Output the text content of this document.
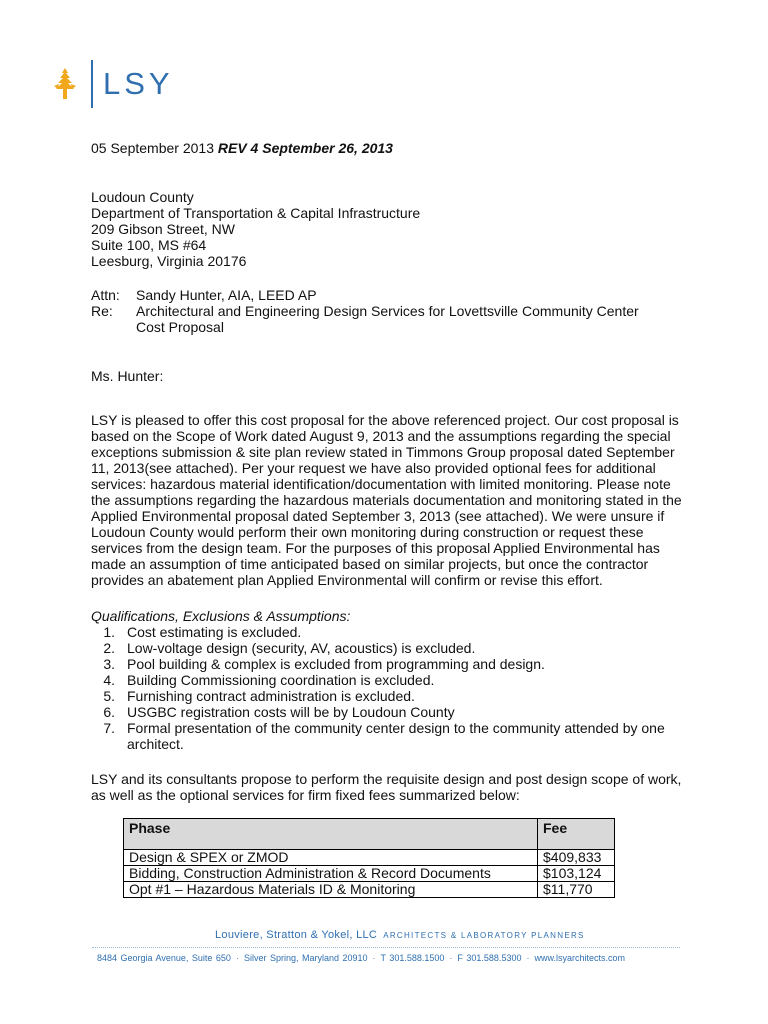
LSY
05 September 2013 REV 4 September 26, 2013
Loudoun County
Department of Transportation & Capital Infrastructure
209 Gibson Street, NW
Suite 100, MS #64
Leesburg, Virginia 20176
Attn: Sandy Hunter, AIA, LEED AP
Re: Architectural and Engineering Design Services for Lovettsville Community Center
Cost Proposal
Ms. Hunter:
LSY is pleased to offer this cost proposal for the above referenced project. Our cost proposal is
based on the Scope of Work dated August 9, 2013 and the assumptions regarding the special
exceptions submission & site plan review stated in Timmons Group proposal dated September
11, 2013(see attached). Per your request we have also provided optional fees for additional
services: hazardous material identification/documentation with limited monitoring. Please note
the assumptions regarding the hazardous materials documentation and monitoring stated in the
Applied Environmental proposal dated September 3, 2013 (see attached). We were unsure if
Loudoun County would perform their own monitoring during construction or request these
services from the design team. For the purposes of this proposal Applied Environmental has
made an assumption of time anticipated based on similar projects, but once the contractor
provides an abatement plan Applied Environmental will confirm or revise this effort.
Qualifications, Exclusions & Assumptions:
1. Cost estimating is excluded.
2. Low-voltage design (security, AV, acoustics) is excluded.
3. Pool building & complex is excluded from programming and design.
4. Building Commissioning coordination is excluded.
5. Furnishing contract administration is excluded.
6. USGBC registration costs will be by Loudoun County
7. Formal presentation of the community center design to the community attended by one
architect.
LSY and its consultants propose to perform the requisite design and post design scope of work,
as well as the optional services for firm fixed fees summarized below:
Phase	Fee
Design & SPEX or ZMOD	$409,833
Bidding, Construction Administration & Record Documents	$103,124
Opt #1 – Hazardous Materials ID & Monitoring	$11,770
Louviere, Stratton & Yokel, LLC ARCHITECTS & LABORATORY PLANNERS
8484 Georgia Avenue, Suite 650 · Silver Spring, Maryland 20910 · T 301.588.1500 · F 301.588.5300 · www.lsyarchitects.com
